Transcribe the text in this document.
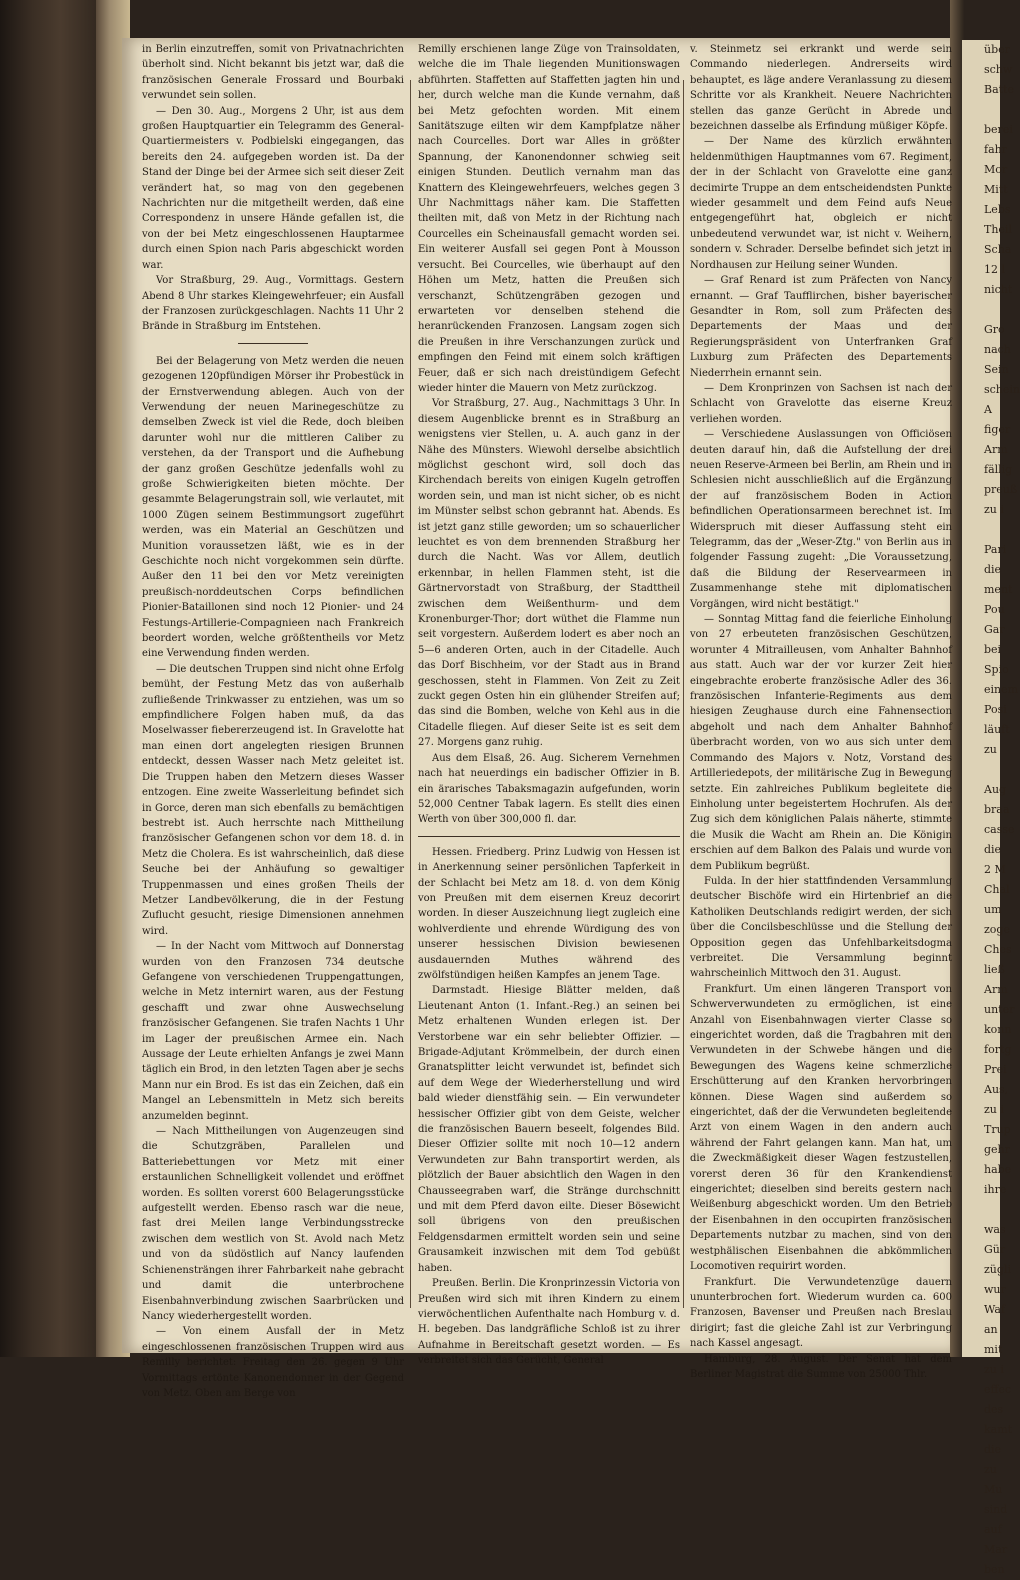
über
schw
Batte

berei
fahr
Mor
Mitt
Lebs
Theil
Scha
12 l
nicht

Gro
nach
Sein
schein
A
figer
Arm
fällig
preuß
zu i

Pari
die
ment
Pou
Gar
bei
Spio
einem
Posi
läuft
zu

Aug
braa
casse
die
2 M
Chal
um
zoge
Ches
ließ
Arm
unter
konn
fortg
Prei
Aus,
zu i
Trup
gehr
habe
ihre

was
Gür
zügli
wur
Waf
an
mit
zu i
effec
des
kamt
die
zu
Mu
sind
auf
Mar
ben

in Berlin einzutreffen, somit von Privatnachrichten überholt sind. Nicht bekannt bis jetzt war, daß die französischen Generale Frossard und Bourbaki verwundet sein sollen.

— Den 30. Aug., Morgens 2 Uhr, ist aus dem großen Hauptquartier ein Telegramm des General-Quartiermeisters v. Podbielski eingegangen, das bereits den 24. aufgegeben worden ist. Da der Stand der Dinge bei der Armee sich seit dieser Zeit verändert hat, so mag von den gegebenen Nachrichten nur die mitgetheilt werden, daß eine Correspondenz in unsere Hände gefallen ist, die von der bei Metz eingeschlossenen Hauptarmee durch einen Spion nach Paris abgeschickt worden war.

Vor Straßburg, 29. Aug., Vormittags. Gestern Abend 8 Uhr starkes Kleingewehrfeuer; ein Ausfall der Franzosen zurückgeschlagen. Nachts 11 Uhr 2 Brände in Straßburg im Entstehen.

Bei der Belagerung von Metz werden die neuen gezogenen 120pfündigen Mörser ihr Probestück in der Ernstverwendung ablegen. Auch von der Verwendung der neuen Marinegeschütze zu demselben Zweck ist viel die Rede, doch bleiben darunter wohl nur die mittleren Caliber zu verstehen, da der Transport und die Aufhebung der ganz großen Geschütze jedenfalls wohl zu große Schwierigkeiten bieten möchte. Der gesammte Belagerungstrain soll, wie verlautet, mit 1000 Zügen seinem Bestimmungsort zugeführt werden, was ein Material an Geschützen und Munition voraussetzen läßt, wie es in der Geschichte noch nicht vorgekommen sein dürfte. Außer den 11 bei den vor Metz vereinigten preußisch-norddeutschen Corps befindlichen Pionier-Bataillonen sind noch 12 Pionier- und 24 Festungs-Artillerie-Compagnieen nach Frankreich beordert worden, welche größtentheils vor Metz eine Verwendung finden werden.

— Die deutschen Truppen sind nicht ohne Erfolg bemüht, der Festung Metz das von außerhalb zufließende Trinkwasser zu entziehen, was um so empfindlichere Folgen haben muß, da das Moselwasser fiebererzeugend ist. In Gravelotte hat man einen dort angelegten riesigen Brunnen entdeckt, dessen Wasser nach Metz geleitet ist. Die Truppen haben den Metzern dieses Wasser entzogen. Eine zweite Wasserleitung befindet sich in Gorce, deren man sich ebenfalls zu bemächtigen bestrebt ist. Auch herrschte nach Mittheilung französischer Gefangenen schon vor dem 18. d. in Metz die Cholera. Es ist wahrscheinlich, daß diese Seuche bei der Anhäufung so gewaltiger Truppenmassen und eines großen Theils der Metzer Landbevölkerung, die in der Festung Zuflucht gesucht, riesige Dimensionen annehmen wird.

— In der Nacht vom Mittwoch auf Donnerstag wurden von den Franzosen 734 deutsche Gefangene von verschiedenen Truppengattungen, welche in Metz internirt waren, aus der Festung geschafft und zwar ohne Auswechselung französischer Gefangenen. Sie trafen Nachts 1 Uhr im Lager der preußischen Armee ein. Nach Aussage der Leute erhielten Anfangs je zwei Mann täglich ein Brod, in den letzten Tagen aber je sechs Mann nur ein Brod. Es ist das ein Zeichen, daß ein Mangel an Lebensmitteln in Metz sich bereits anzumelden beginnt.

— Nach Mittheilungen von Augenzeugen sind die Schutzgräben, Parallelen und Batteriebettungen vor Metz mit einer erstaunlichen Schnelligkeit vollendet und eröffnet worden. Es sollten vorerst 600 Belagerungsstücke aufgestellt werden. Ebenso rasch war die neue, fast drei Meilen lange Verbindungsstrecke zwischen dem westlich von St. Avold nach Metz und von da südöstlich auf Nancy laufenden Schienensträngen ihrer Fahrbarkeit nahe gebracht und damit die unterbrochene Eisenbahnverbindung zwischen Saarbrücken und Nancy wiederhergestellt worden.

— Von einem Ausfall der in Metz eingeschlossenen französischen Truppen wird aus Remilly berichtet: Freitag den 26. gegen 9 Uhr Vormittags ertönte Kanonendonner in der Gegend von Metz. Oben am Berge von

Remilly erschienen lange Züge von Trainsoldaten, welche die im Thale liegenden Munitionswagen abführten. Staffetten auf Staffetten jagten hin und her, durch welche man die Kunde vernahm, daß bei Metz gefochten worden. Mit einem Sanitätszuge eilten wir dem Kampfplatze näher nach Courcelles. Dort war Alles in größter Spannung, der Kanonendonner schwieg seit einigen Stunden. Deutlich vernahm man das Knattern des Kleingewehrfeuers, welches gegen 3 Uhr Nachmittags näher kam. Die Staffetten theilten mit, daß von Metz in der Richtung nach Courcelles ein Scheinausfall gemacht worden sei. Ein weiterer Ausfall sei gegen Pont à Mousson versucht. Bei Courcelles, wie überhaupt auf den Höhen um Metz, hatten die Preußen sich verschanzt, Schützengräben gezogen und erwarteten vor denselben stehend die heranrückenden Franzosen. Langsam zogen sich die Preußen in ihre Verschanzungen zurück und empfingen den Feind mit einem solch kräftigen Feuer, daß er sich nach dreistündigem Gefecht wieder hinter die Mauern von Metz zurückzog.

Vor Straßburg, 27. Aug., Nachmittags 3 Uhr. In diesem Augenblicke brennt es in Straßburg an wenigstens vier Stellen, u. A. auch ganz in der Nähe des Münsters. Wiewohl derselbe absichtlich möglichst geschont wird, soll doch das Kirchendach bereits von einigen Kugeln getroffen worden sein, und man ist nicht sicher, ob es nicht im Münster selbst schon gebrannt hat. Abends. Es ist jetzt ganz stille geworden; um so schauerlicher leuchtet es von dem brennenden Straßburg her durch die Nacht. Was vor Allem, deutlich erkennbar, in hellen Flammen steht, ist die Gärtnervorstadt von Straßburg, der Stadttheil zwischen dem Weißenthurm- und dem Kronenburger-Thor; dort wüthet die Flamme nun seit vorgestern. Außerdem lodert es aber noch an 5—6 anderen Orten, auch in der Citadelle. Auch das Dorf Bischheim, vor der Stadt aus in Brand geschossen, steht in Flammen. Von Zeit zu Zeit zuckt gegen Osten hin ein glühender Streifen auf; das sind die Bomben, welche von Kehl aus in die Citadelle fliegen. Auf dieser Seite ist es seit dem 27. Morgens ganz ruhig.

Aus dem Elsaß, 26. Aug. Sicherem Vernehmen nach hat neuerdings ein badischer Offizier in B. ein ärarisches Tabaksmagazin aufgefunden, worin 52,000 Centner Tabak lagern. Es stellt dies einen Werth von über 300,000 fl. dar.

Hessen. Friedberg. Prinz Ludwig von Hessen ist in Anerkennung seiner persönlichen Tapferkeit in der Schlacht bei Metz am 18. d. von dem König von Preußen mit dem eisernen Kreuz decorirt worden. In dieser Auszeichnung liegt zugleich eine wohlverdiente und ehrende Würdigung des von unserer hessischen Division bewiesenen ausdauernden Muthes während des zwölfstündigen heißen Kampfes an jenem Tage.

Darmstadt. Hiesige Blätter melden, daß Lieutenant Anton (1. Infant.-Reg.) an seinen bei Metz erhaltenen Wunden erlegen ist. Der Verstorbene war ein sehr beliebter Offizier. — Brigade-Adjutant Krömmelbein, der durch einen Granatsplitter leicht verwundet ist, befindet sich auf dem Wege der Wiederherstellung und wird bald wieder dienstfähig sein. — Ein verwundeter hessischer Offizier gibt von dem Geiste, welcher die französischen Bauern beseelt, folgendes Bild. Dieser Offizier sollte mit noch 10—12 andern Verwundeten zur Bahn transportirt werden, als plötzlich der Bauer absichtlich den Wagen in den Chausseegraben warf, die Stränge durchschnitt und mit dem Pferd davon eilte. Dieser Bösewicht soll übrigens von den preußischen Feldgensdarmen ermittelt worden sein und seine Grausamkeit inzwischen mit dem Tod gebüßt haben.

Preußen. Berlin. Die Kronprinzessin Victoria von Preußen wird sich mit ihren Kindern zu einem vierwöchentlichen Aufenthalte nach Homburg v. d. H. begeben. Das landgräfliche Schloß ist zu ihrer Aufnahme in Bereitschaft gesetzt worden. — Es verbreitet sich das Gerücht, General

v. Steinmetz sei erkrankt und werde sein Commando niederlegen. Andrerseits wird behauptet, es läge andere Veranlassung zu diesem Schritte vor als Krankheit. Neuere Nachrichten stellen das ganze Gerücht in Abrede und bezeichnen dasselbe als Erfindung müßiger Köpfe.

— Der Name des kürzlich erwähnten heldenmüthigen Hauptmannes vom 67. Regiment, der in der Schlacht von Gravelotte eine ganz decimirte Truppe an dem entscheidendsten Punkte wieder gesammelt und dem Feind aufs Neue entgegengeführt hat, obgleich er nicht unbedeutend verwundet war, ist nicht v. Weihern, sondern v. Schrader. Derselbe befindet sich jetzt in Nordhausen zur Heilung seiner Wunden.

— Graf Renard ist zum Präfecten von Nancy ernannt. — Graf Taufflirchen, bisher bayerischer Gesandter in Rom, soll zum Präfecten des Departements der Maas und der Regierungspräsident von Unterfranken Graf Luxburg zum Präfecten des Departements Niederrhein ernannt sein.

— Dem Kronprinzen von Sachsen ist nach der Schlacht von Gravelotte das eiserne Kreuz verliehen worden.

— Verschiedene Auslassungen von Officiösen deuten darauf hin, daß die Aufstellung der drei neuen Reserve-Armeen bei Berlin, am Rhein und in Schlesien nicht ausschließlich auf die Ergänzung der auf französischem Boden in Action befindlichen Operationsarmeen berechnet ist. Im Widerspruch mit dieser Auffassung steht ein Telegramm, das der „Weser-Ztg." von Berlin aus in folgender Fassung zugeht: „Die Voraussetzung, daß die Bildung der Reservearmeen in Zusammenhange stehe mit diplomatischen Vorgängen, wird nicht bestätigt."

— Sonntag Mittag fand die feierliche Einholung von 27 erbeuteten französischen Geschützen, worunter 4 Mitrailleusen, vom Anhalter Bahnhof aus statt. Auch war der vor kurzer Zeit hier eingebrachte eroberte französische Adler des 36. französischen Infanterie-Regiments aus dem hiesigen Zeughause durch eine Fahnensection abgeholt und nach dem Anhalter Bahnhof überbracht worden, von wo aus sich unter dem Commando des Majors v. Notz, Vorstand des Artilleriedepots, der militärische Zug in Bewegung setzte. Ein zahlreiches Publikum begleitete die Einholung unter begeistertem Hochrufen. Als der Zug sich dem königlichen Palais näherte, stimmte die Musik die Wacht am Rhein an. Die Königin erschien auf dem Balkon des Palais und wurde von dem Publikum begrüßt.

Fulda. In der hier stattfindenden Versammlung deutscher Bischöfe wird ein Hirtenbrief an die Katholiken Deutschlands redigirt werden, der sich über die Concilsbeschlüsse und die Stellung der Opposition gegen das Unfehlbarkeitsdogma verbreitet. Die Versammlung beginnt wahrscheinlich Mittwoch den 31. August.

Frankfurt. Um einen längeren Transport von Schwerverwundeten zu ermöglichen, ist eine Anzahl von Eisenbahnwagen vierter Classe so eingerichtet worden, daß die Tragbahren mit den Verwundeten in der Schwebe hängen und die Bewegungen des Wagens keine schmerzliche Erschütterung auf den Kranken hervorbringen können. Diese Wagen sind außerdem so eingerichtet, daß der die Verwundeten begleitende Arzt von einem Wagen in den andern auch während der Fahrt gelangen kann. Man hat, um die Zweckmäßigkeit dieser Wagen festzustellen, vorerst deren 36 für den Krankendienst eingerichtet; dieselben sind bereits gestern nach Weißenburg abgeschickt worden. Um den Betrieb der Eisenbahnen in den occupirten französischen Departements nutzbar zu machen, sind von den westphälischen Eisenbahnen die abkömmlichen Locomotiven requirirt worden.

Frankfurt. Die Verwundetenzüge dauern ununterbrochen fort. Wiederum wurden ca. 600 Franzosen, Bavenser und Preußen nach Breslau dirigirt; fast die gleiche Zahl ist zur Verbringung nach Kassel angesagt.

Hamburg, 28. August. Der Senat hat dem Berliner Magistrat die Summe von 25000 Thlr.
